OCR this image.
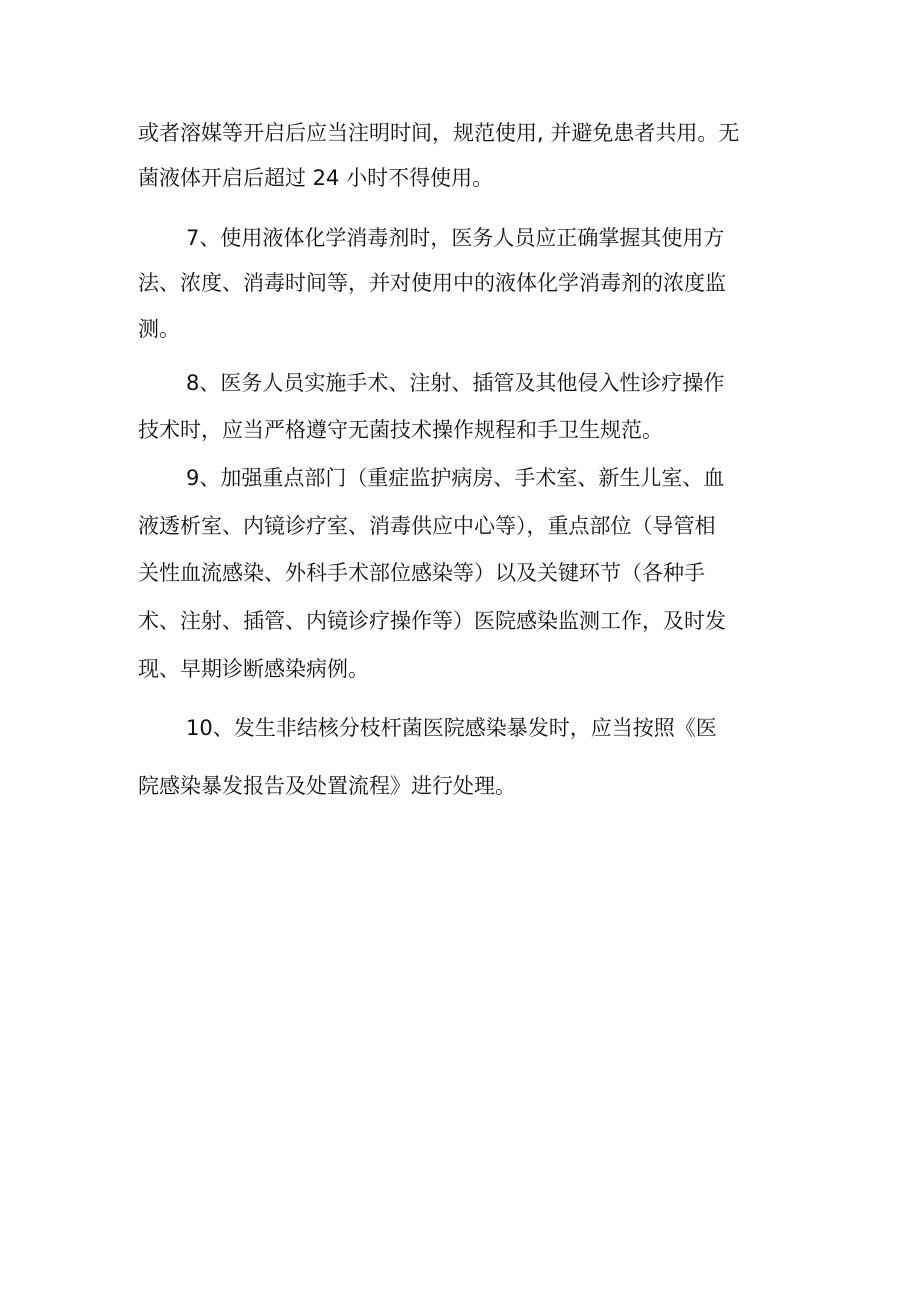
或者溶媒等开启后应当注明时间，规范使用, 并避免患者共用。无
菌液体开启后超过 24 小时不得使用。
7、使用液体化学消毒剂时，医务人员应正确掌握其使用方
法、浓度、消毒时间等，并对使用中的液体化学消毒剂的浓度监
测。
8、医务人员实施手术、注射、插管及其他侵入性诊疗操作
技术时，应当严格遵守无菌技术操作规程和手卫生规范。
9、加强重点部门（重症监护病房、手术室、新生儿室、血
液透析室、内镜诊疗室、消毒供应中心等），重点部位（导管相
关性血流感染、外科手术部位感染等）以及关键环节（各种手
术、注射、插管、内镜诊疗操作等）医院感染监测工作，及时发
现、早期诊断感染病例。
10、发生非结核分枝杆菌医院感染暴发时，应当按照《医
院感染暴发报告及处置流程》进行处理。
